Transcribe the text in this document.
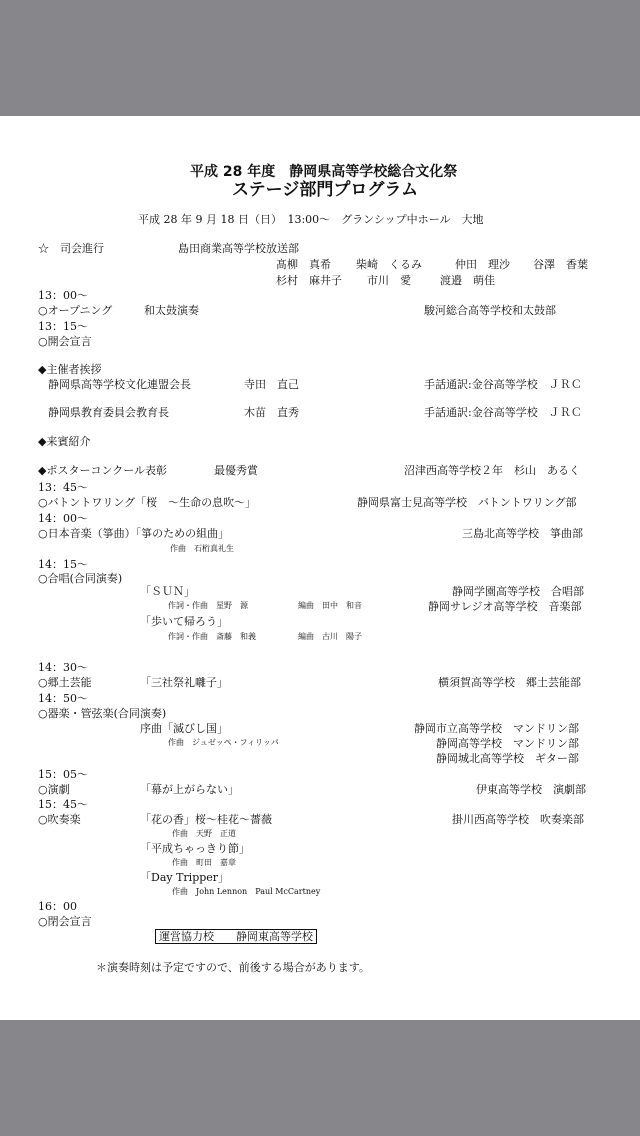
平成 28 年度　静岡県高等学校総合文化祭
ステージ部門プログラム
平成 28 年 9 月 18 日（日）　13:00〜　グランシップ中ホール　大地
☆　司会進行	島田商業高等学校放送部
髙柳　真希 柴崎　くるみ	仲田　理沙 谷澤　香葉
杉村　麻井子 市川　愛	渡邉　萌佳
13：00〜
○オープニング	和太鼓演奏	駿河総合高等学校和太鼓部
13：15〜
○開会宣言
◆主催者挨拶
静岡県高等学校文化連盟会長	寺田　直己	手話通訳:金谷高等学校　ＪＲＣ
静岡県教育委員会教育長	木苗　直秀	手話通訳:金谷高等学校　ＪＲＣ
◆来賓紹介
◆ポスターコンクール表彰	最優秀賞	沼津西高等学校２年　杉山　あるく
13：45〜
○バトントワリング「桜　〜生命の息吹〜」	静岡県富士見高等学校　バトントワリング部
14：00〜
○日本音楽（箏曲）「箏のための組曲」	三島北高等学校　箏曲部
作曲　石桁真礼生
14：15〜
○合唱(合同演奏)
「ＳＵＮ」	静岡学園高等学校　合唱部
作詞・作曲　星野　源	編曲　田中　和音	静岡サレジオ高等学校　音楽部
「歩いて帰ろう」
作詞・作曲　斎藤　和義	編曲　古川　陽子
14：30〜
○郷土芸能	「三社祭礼囃子」	横須賀高等学校　郷土芸能部
14：50〜
○器楽・管弦楽(合同演奏)
序曲「滅びし国」	静岡市立高等学校　マンドリン部
作曲　ジュゼッペ・フィリッパ	静岡高等学校　マンドリン部
静岡城北高等学校　ギター部
15：05〜
○演劇	「幕が上がらない」	伊東高等学校　演劇部
15：45〜
○吹奏楽	「花の香」桜〜桂花〜薔薇	掛川西高等学校　吹奏楽部
作曲　天野　正道
「平成ちゃっきり節」
作曲　町田　嘉章
「Day Tripper」
作曲　John Lennon　Paul McCartney
16：00
○閉会宣言
運営協力校　　静岡東高等学校
＊演奏時刻は予定ですので、前後する場合があります。
